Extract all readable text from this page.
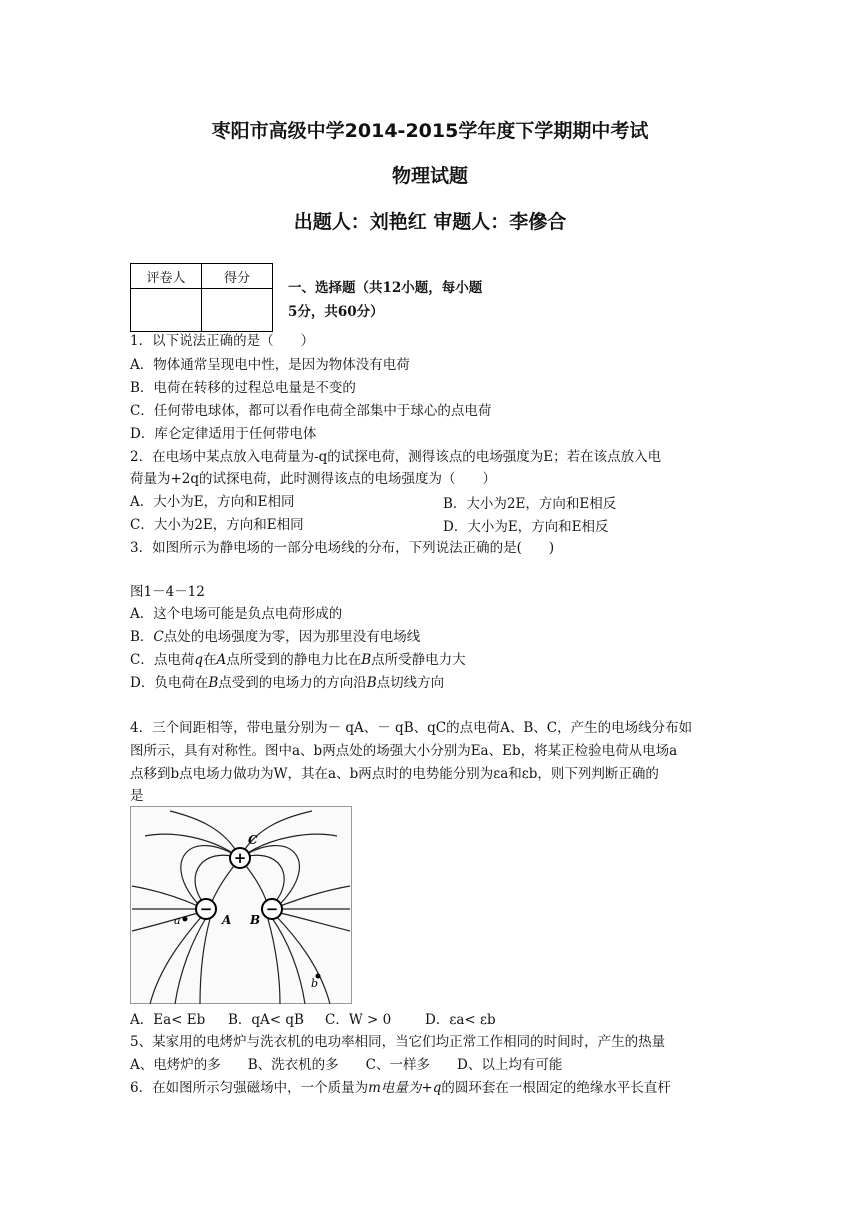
枣阳市高级中学2014-2015学年度下学期期中考试
物理试题
出题人：刘艳红 审题人：李傪合
评卷人	得分

一、选择题（共12小题，每小题
5分，共60分）
1．以下说法正确的是（　　）
A．物体通常呈现电中性，是因为物体没有电荷
B．电荷在转移的过程总电量是不变的
C．任何带电球体，都可以看作电荷全部集中于球心的点电荷
D．库仑定律适用于任何带电体
2．在电场中某点放入电荷量为-q的试探电荷，测得该点的电场强度为E；若在该点放入电
荷量为+2q的试探电荷，此时测得该点的电场强度为（　　）
A．大小为E，方向和E相同	B．大小为2E，方向和E相反
C．大小为2E，方向和E相同	D．大小为E，方向和E相反
3．如图所示为静电场的一部分电场线的分布，下列说法正确的是(　　)
图1－4－12
A．这个电场可能是负点电荷形成的
B．C点处的电场强度为零，因为那里没有电场线
C．点电荷q在A点所受到的静电力比在B点所受静电力大
D．负电荷在B点受到的电场力的方向沿B点切线方向
4．三个间距相等，带电量分别为－ qA、－ qB、qC的点电荷A、B、C，产生的电场线分布如
图所示，具有对称性。图中a、b两点处的场强大小分别为Ea、Eb，将某正检验电荷从电场a
点移到b点电场力做功为W，其在a、b两点时的电势能分别为εa和εb，则下列判断正确的
是
+
−	−
C
A B
a
b
A．Ea< Eb B．qA< qB C．W > 0	D．εa< εb
5、某家用的电烤炉与洗衣机的电功率相同，当它们均正常工作相同的时间时，产生的热量
A、电烤炉的多　　B、洗衣机的多　　C、一样多　　D、以上均有可能
6．在如图所示匀强磁场中，一个质量为m电量为+q的圆环套在一根固定的绝缘水平长直杆
